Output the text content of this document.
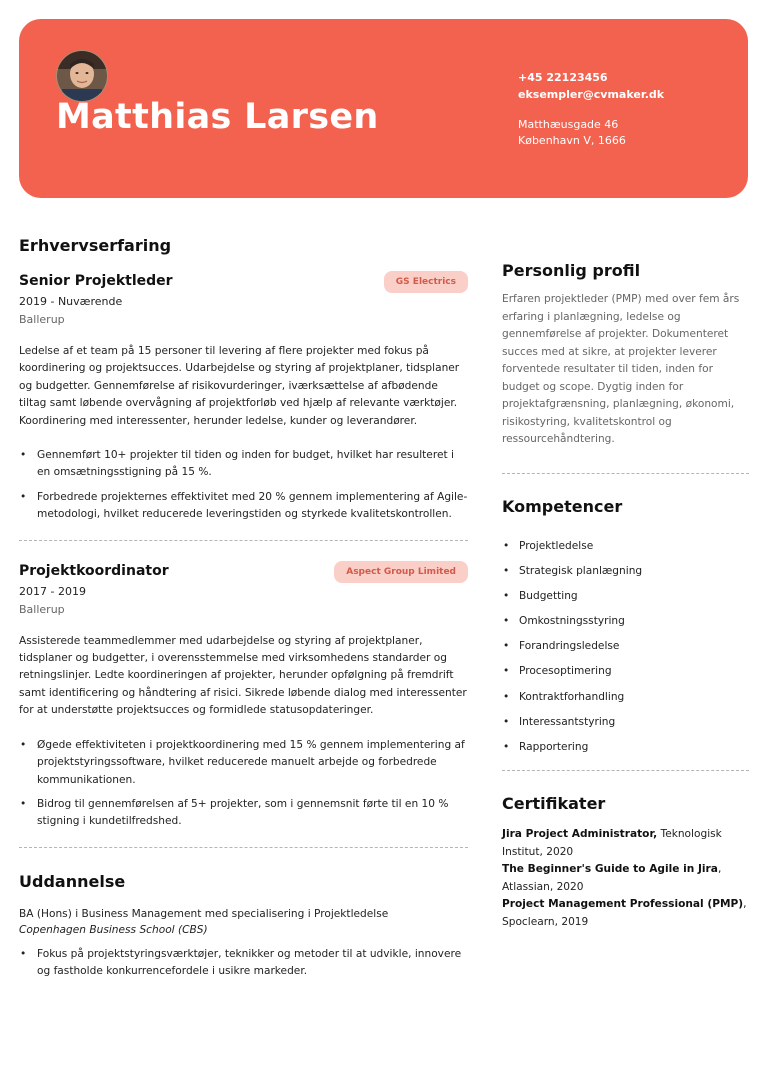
Matthias Larsen
+45 22123456
eksempler@cvmaker.dk
Matthæusgade 46
København V, 1666
Erhvervserfaring
Senior Projektleder	GS Electrics
2019 - Nuværende
Ballerup
Ledelse af et team på 15 personer til levering af flere projekter med fokus på koordinering og projektsucces. Udarbejdelse og styring af projektplaner, tidsplaner og budgetter. Gennemførelse af risikovurderinger, iværksættelse af afbødende tiltag samt løbende overvågning af projektforløb ved hjælp af relevante værktøjer. Koordinering med interessenter, herunder ledelse, kunder og leverandører.
• Gennemført 10+ projekter til tiden og inden for budget, hvilket har resulteret i en omsætningsstigning på 15 %.
• Forbedrede projekternes effektivitet med 20 % gennem implementering af Agile-metodologi, hvilket reducerede leveringstiden og styrkede kvalitetskontrollen.
Projektkoordinator	Aspect Group Limited
2017 - 2019
Ballerup
Assisterede teammedlemmer med udarbejdelse og styring af projektplaner, tidsplaner og budgetter, i overensstemmelse med virksomhedens standarder og retningslinjer. Ledte koordineringen af projekter, herunder opfølgning på fremdrift samt identificering og håndtering af risici. Sikrede løbende dialog med interessenter for at understøtte projektsucces og formidlede statusopdateringer.
• Øgede effektiviteten i projektkoordinering med 15 % gennem implementering af projektstyringssoftware, hvilket reducerede manuelt arbejde og forbedrede kommunikationen.
• Bidrog til gennemførelsen af 5+ projekter, som i gennemsnit førte til en 10 % stigning i kundetilfredshed.
Uddannelse
BA (Hons) i Business Management med specialisering i Projektledelse
Copenhagen Business School (CBS)
• Fokus på projektstyringsværktøjer, teknikker og metoder til at udvikle, innovere og fastholde konkurrencefordele i usikre markeder.
Personlig profil
Erfaren projektleder (PMP) med over fem års erfaring i planlægning, ledelse og gennemførelse af projekter. Dokumenteret succes med at sikre, at projekter leverer forventede resultater til tiden, inden for budget og scope. Dygtig inden for projektafgrænsning, planlægning, økonomi, risikostyring, kvalitetskontrol og ressourcehåndtering.
Kompetencer
• Projektledelse
• Strategisk planlægning
• Budgetting
• Omkostningsstyring
• Forandringsledelse
• Procesoptimering
• Kontraktforhandling
• Interessantstyring
• Rapportering
Certifikater
Jira Project Administrator, Teknologisk Institut, 2020
The Beginner's Guide to Agile in Jira, Atlassian, 2020
Project Management Professional (PMP), Spoclearn, 2019
